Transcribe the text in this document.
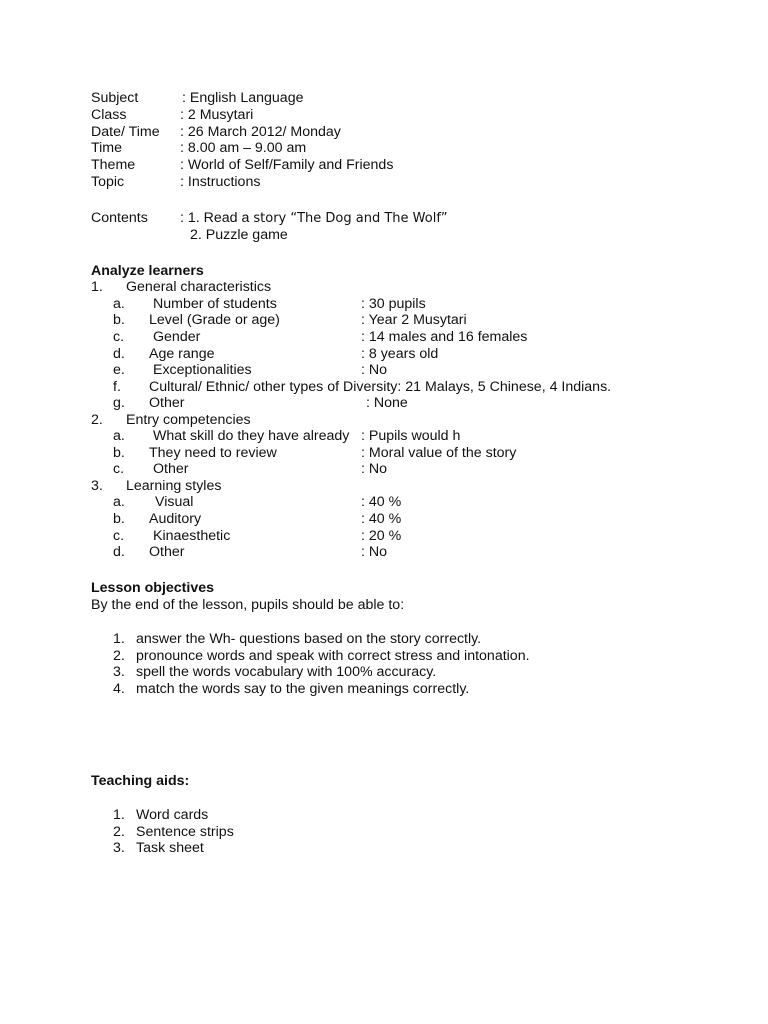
Subject	: English Language
Class	: 2 Musytari
Date/ Time : 26 March 2012/ Monday
Time	: 8.00 am – 9.00 am
Theme	: World of Self/Family and Friends
Topic	: Instructions
Contents : 1. Read a story “The Dog and The Wolf”
2. Puzzle game
Analyze learners
1. General characteristics
a. Number of students	: 30 pupils
b. Level (Grade or age)	: Year 2 Musytari
c. Gender	: 14 males and 16 females
d. Age range	: 8 years old
e. Exceptionalities	: No
f. Cultural/ Ethnic/ other types of Diversity: 21 Malays, 5 Chinese, 4 Indians.
g. Other	: None
2. Entry competencies
a. What skill do they have already : Pupils would h
b. They need to review	: Moral value of the story
c. Other	: No
3. Learning styles
a. Visual	: 40 %
b. Auditory	: 40 %
c. Kinaesthetic	: 20 %
d. Other	: No
Lesson objectives
By the end of the lesson, pupils should be able to:
1. answer the Wh- questions based on the story correctly.
2. pronounce words and speak with correct stress and intonation.
3. spell the words vocabulary with 100% accuracy.
4. match the words say to the given meanings correctly.
Teaching aids:
1. Word cards
2. Sentence strips
3. Task sheet
